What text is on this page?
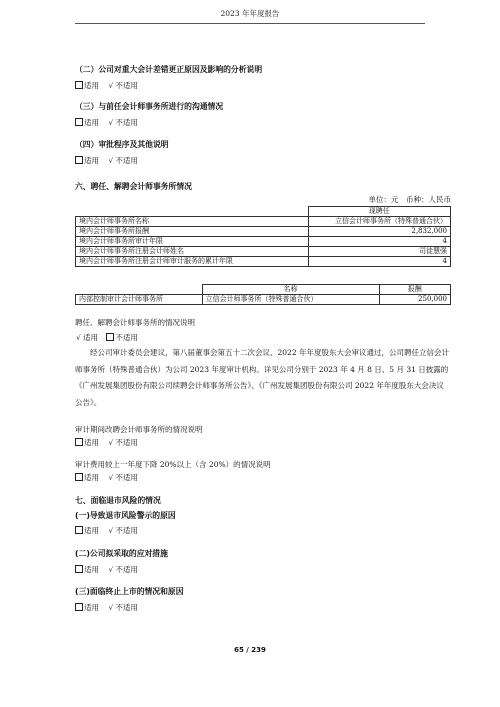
2023 年年度报告
（二）公司对重大会计差错更正原因及影响的分析说明
适用 √ 不适用
（三）与前任会计师事务所进行的沟通情况
适用 √ 不适用
（四）审批程序及其他说明
适用 √ 不适用
六、聘任、解聘会计师事务所情况
单位：元　币种：人民币
	现聘任
境内会计师事务所名称	立信会计师事务所（特殊普通合伙）
境内会计师事务所报酬	2,832,000
境内会计师事务所审计年限	4
境内会计师事务所注册会计师姓名	司徒慧强
境内会计师事务所注册会计师审计服务的累计年限	4
	名称	报酬
内部控制审计会计师事务所	立信会计师事务所（特殊普通合伙）	250,000
聘任、解聘会计师事务所的情况说明
√ 适用 不适用
经公司审计委员会建议，第八届董事会第五十二次会议、2022 年年度股东大会审议通过，公司聘任立信会计师事务所（特殊普通合伙）为公司 2023 年度审计机构。详见公司分别于 2023 年 4 月 8 日、5 月 31 日披露的《广州发展集团股份有限公司续聘会计师事务所公告》、《广州发展集团股份有限公司 2022 年年度股东大会决议公告》。
审计期间改聘会计师事务所的情况说明
适用 √ 不适用
审计费用较上一年度下降 20%以上（含 20%）的情况说明
适用 √ 不适用
七、面临退市风险的情况
(一)导致退市风险警示的原因
适用 √ 不适用
(二)公司拟采取的应对措施
适用 √ 不适用
(三)面临终止上市的情况和原因
适用 √ 不适用
65 / 239
